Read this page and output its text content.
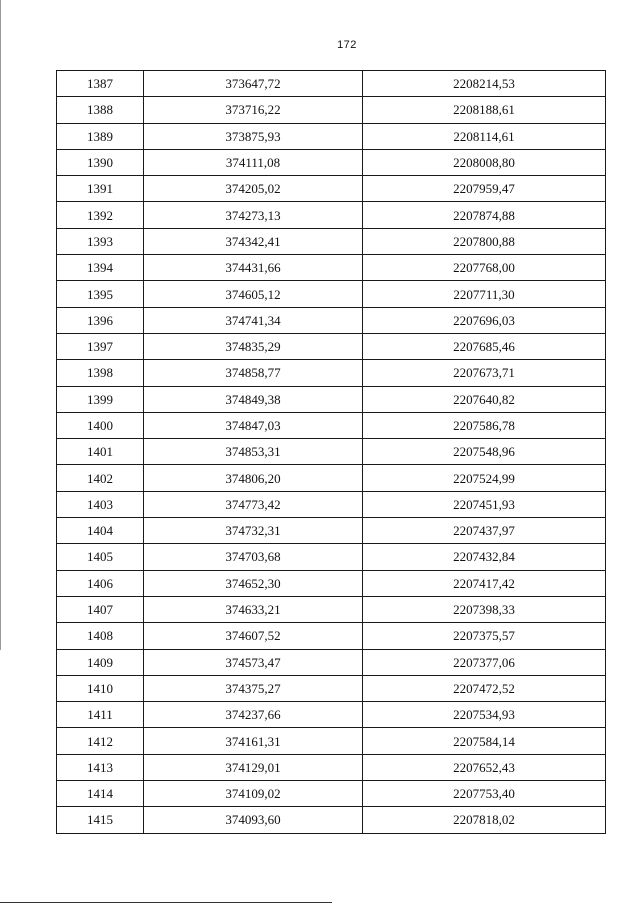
172
1387	373647,72	2208214,53
1388	373716,22	2208188,61
1389	373875,93	2208114,61
1390	374111,08	2208008,80
1391	374205,02	2207959,47
1392	374273,13	2207874,88
1393	374342,41	2207800,88
1394	374431,66	2207768,00
1395	374605,12	2207711,30
1396	374741,34	2207696,03
1397	374835,29	2207685,46
1398	374858,77	2207673,71
1399	374849,38	2207640,82
1400	374847,03	2207586,78
1401	374853,31	2207548,96
1402	374806,20	2207524,99
1403	374773,42	2207451,93
1404	374732,31	2207437,97
1405	374703,68	2207432,84
1406	374652,30	2207417,42
1407	374633,21	2207398,33
1408	374607,52	2207375,57
1409	374573,47	2207377,06
1410	374375,27	2207472,52
1411	374237,66	2207534,93
1412	374161,31	2207584,14
1413	374129,01	2207652,43
1414	374109,02	2207753,40
1415	374093,60	2207818,02
